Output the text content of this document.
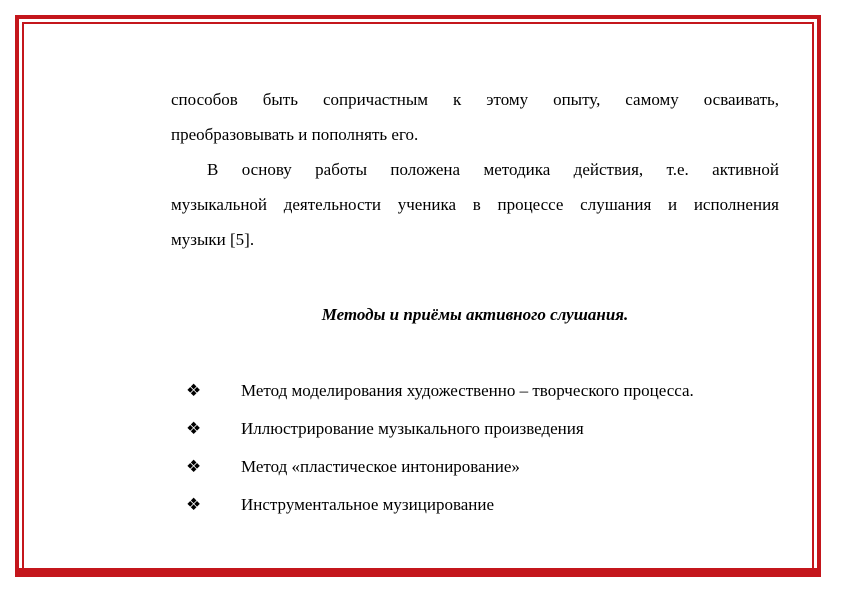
способов быть сопричастным к этому опыту, самому осваивать,
преобразовывать и пополнять его.
В основу работы положена методика действия, т.е. активной
музыкальной деятельности ученика в процессе слушания и исполнения
музыки [5].
Методы и приёмы активного слушания.
❖	Метод моделирования художественно – творческого процесса.
❖	Иллюстрирование музыкального произведения
❖	Метод «пластическое интонирование»
❖	Инструментальное музицирование
